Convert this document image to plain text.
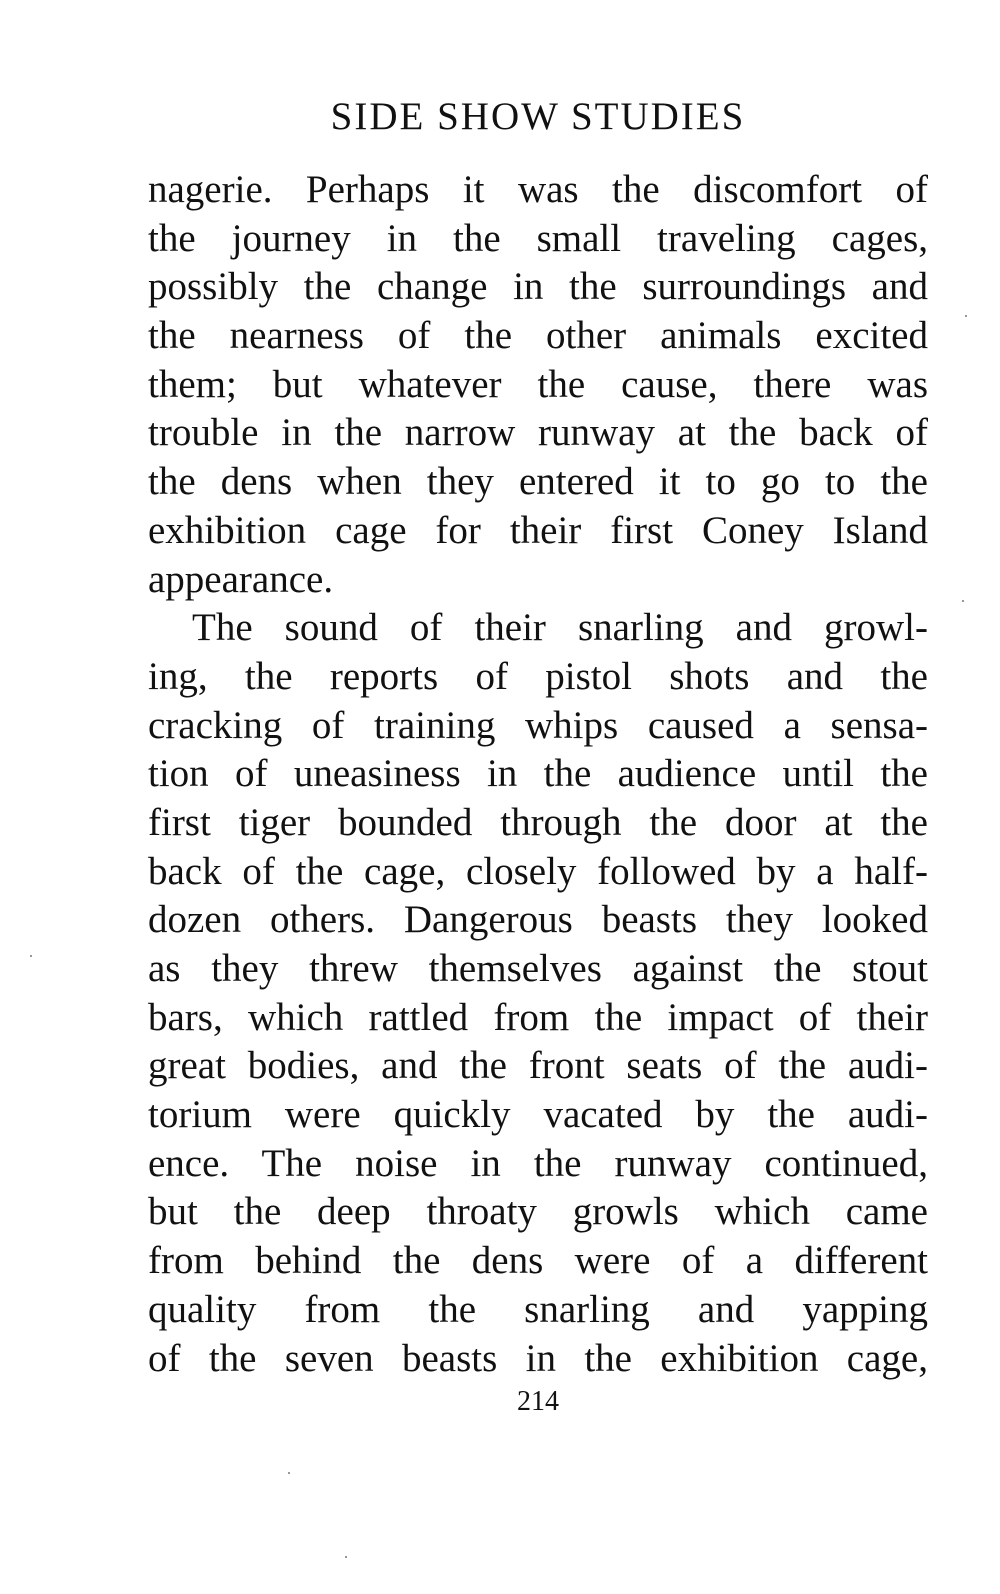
SIDE SHOW STUDIES
nagerie. Perhaps it was the discomfort of
the journey in the small traveling cages,
possibly the change in the surroundings and
the nearness of the other animals excited
them; but whatever the cause, there was
trouble in the narrow runway at the back of
the dens when they entered it to go to the
exhibition cage for their first Coney Island
appearance.
The sound of their snarling and growl-
ing, the reports of pistol shots and the
cracking of training whips caused a sensa-
tion of uneasiness in the audience until the
first tiger bounded through the door at the
back of the cage, closely followed by a half-
dozen others. Dangerous beasts they looked
as they threw themselves against the stout
bars, which rattled from the impact of their
great bodies, and the front seats of the audi-
torium were quickly vacated by the audi-
ence. The noise in the runway continued,
but the deep throaty growls which came
from behind the dens were of a different
quality from the snarling and yapping
of the seven beasts in the exhibition cage,
214
